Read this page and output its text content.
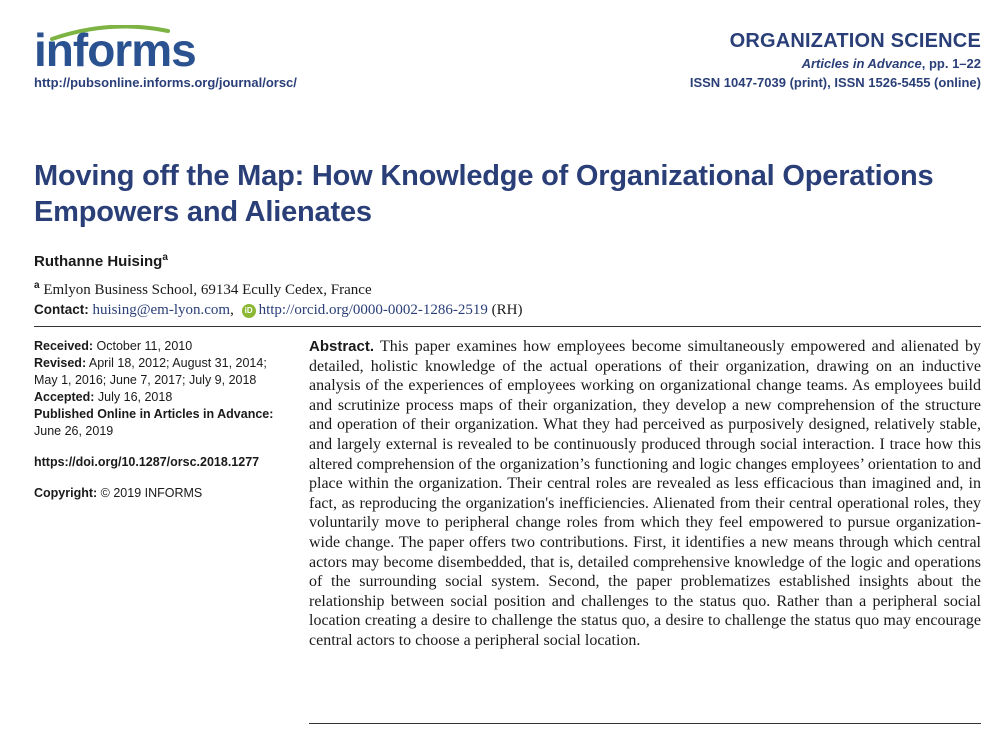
informs
http://pubsonline.informs.org/journal/orsc/
ORGANIZATION SCIENCE
Articles in Advance, pp. 1–22
ISSN 1047-7039 (print), ISSN 1526-5455 (online)
Moving off the Map: How Knowledge of Organizational Operations Empowers and Alienates
Ruthanne Huising$^a$
$^a$ Emlyon Business School, 69134 Ecully Cedex, France
Contact: huising@em-lyon.com, iD http://orcid.org/0000-0002-1286-2519 (RH)
Received: October 11, 2010
Revised: April 18, 2012; August 31, 2014; May 1, 2016; June 7, 2017; July 9, 2018
Accepted: July 16, 2018
Published Online in Articles in Advance:
June 26, 2019
https://doi.org/10.1287/orsc.2018.1277
Copyright: © 2019 INFORMS
Abstract. This paper examines how employees become simultaneously empowered and alienated by detailed, holistic knowledge of the actual operations of their organization, drawing on an inductive analysis of the experiences of employees working on organizational change teams. As employees build and scrutinize process maps of their organization, they develop a new comprehension of the structure and operation of their organization. What they had perceived as purposively designed, relatively stable, and largely external is revealed to be continuously produced through social interaction. I trace how this altered comprehension of the organization’s functioning and logic changes employees’ orientation to and place within the organization. Their central roles are revealed as less efficacious than imagined and, in fact, as reproducing the organization's inefficiencies. Alienated from their central operational roles, they voluntarily move to peripheral change roles from which they feel empowered to pursue organization-wide change. The paper offers two contributions. First, it identifies a new means through which central actors may become disembedded, that is, detailed comprehensive knowledge of the logic and operations of the surrounding social system. Second, the paper problematizes established insights about the relationship between social position and challenges to the status quo. Rather than a peripheral social location creating a desire to challenge the status quo, a desire to challenge the status quo may encourage central actors to choose a peripheral social location.
